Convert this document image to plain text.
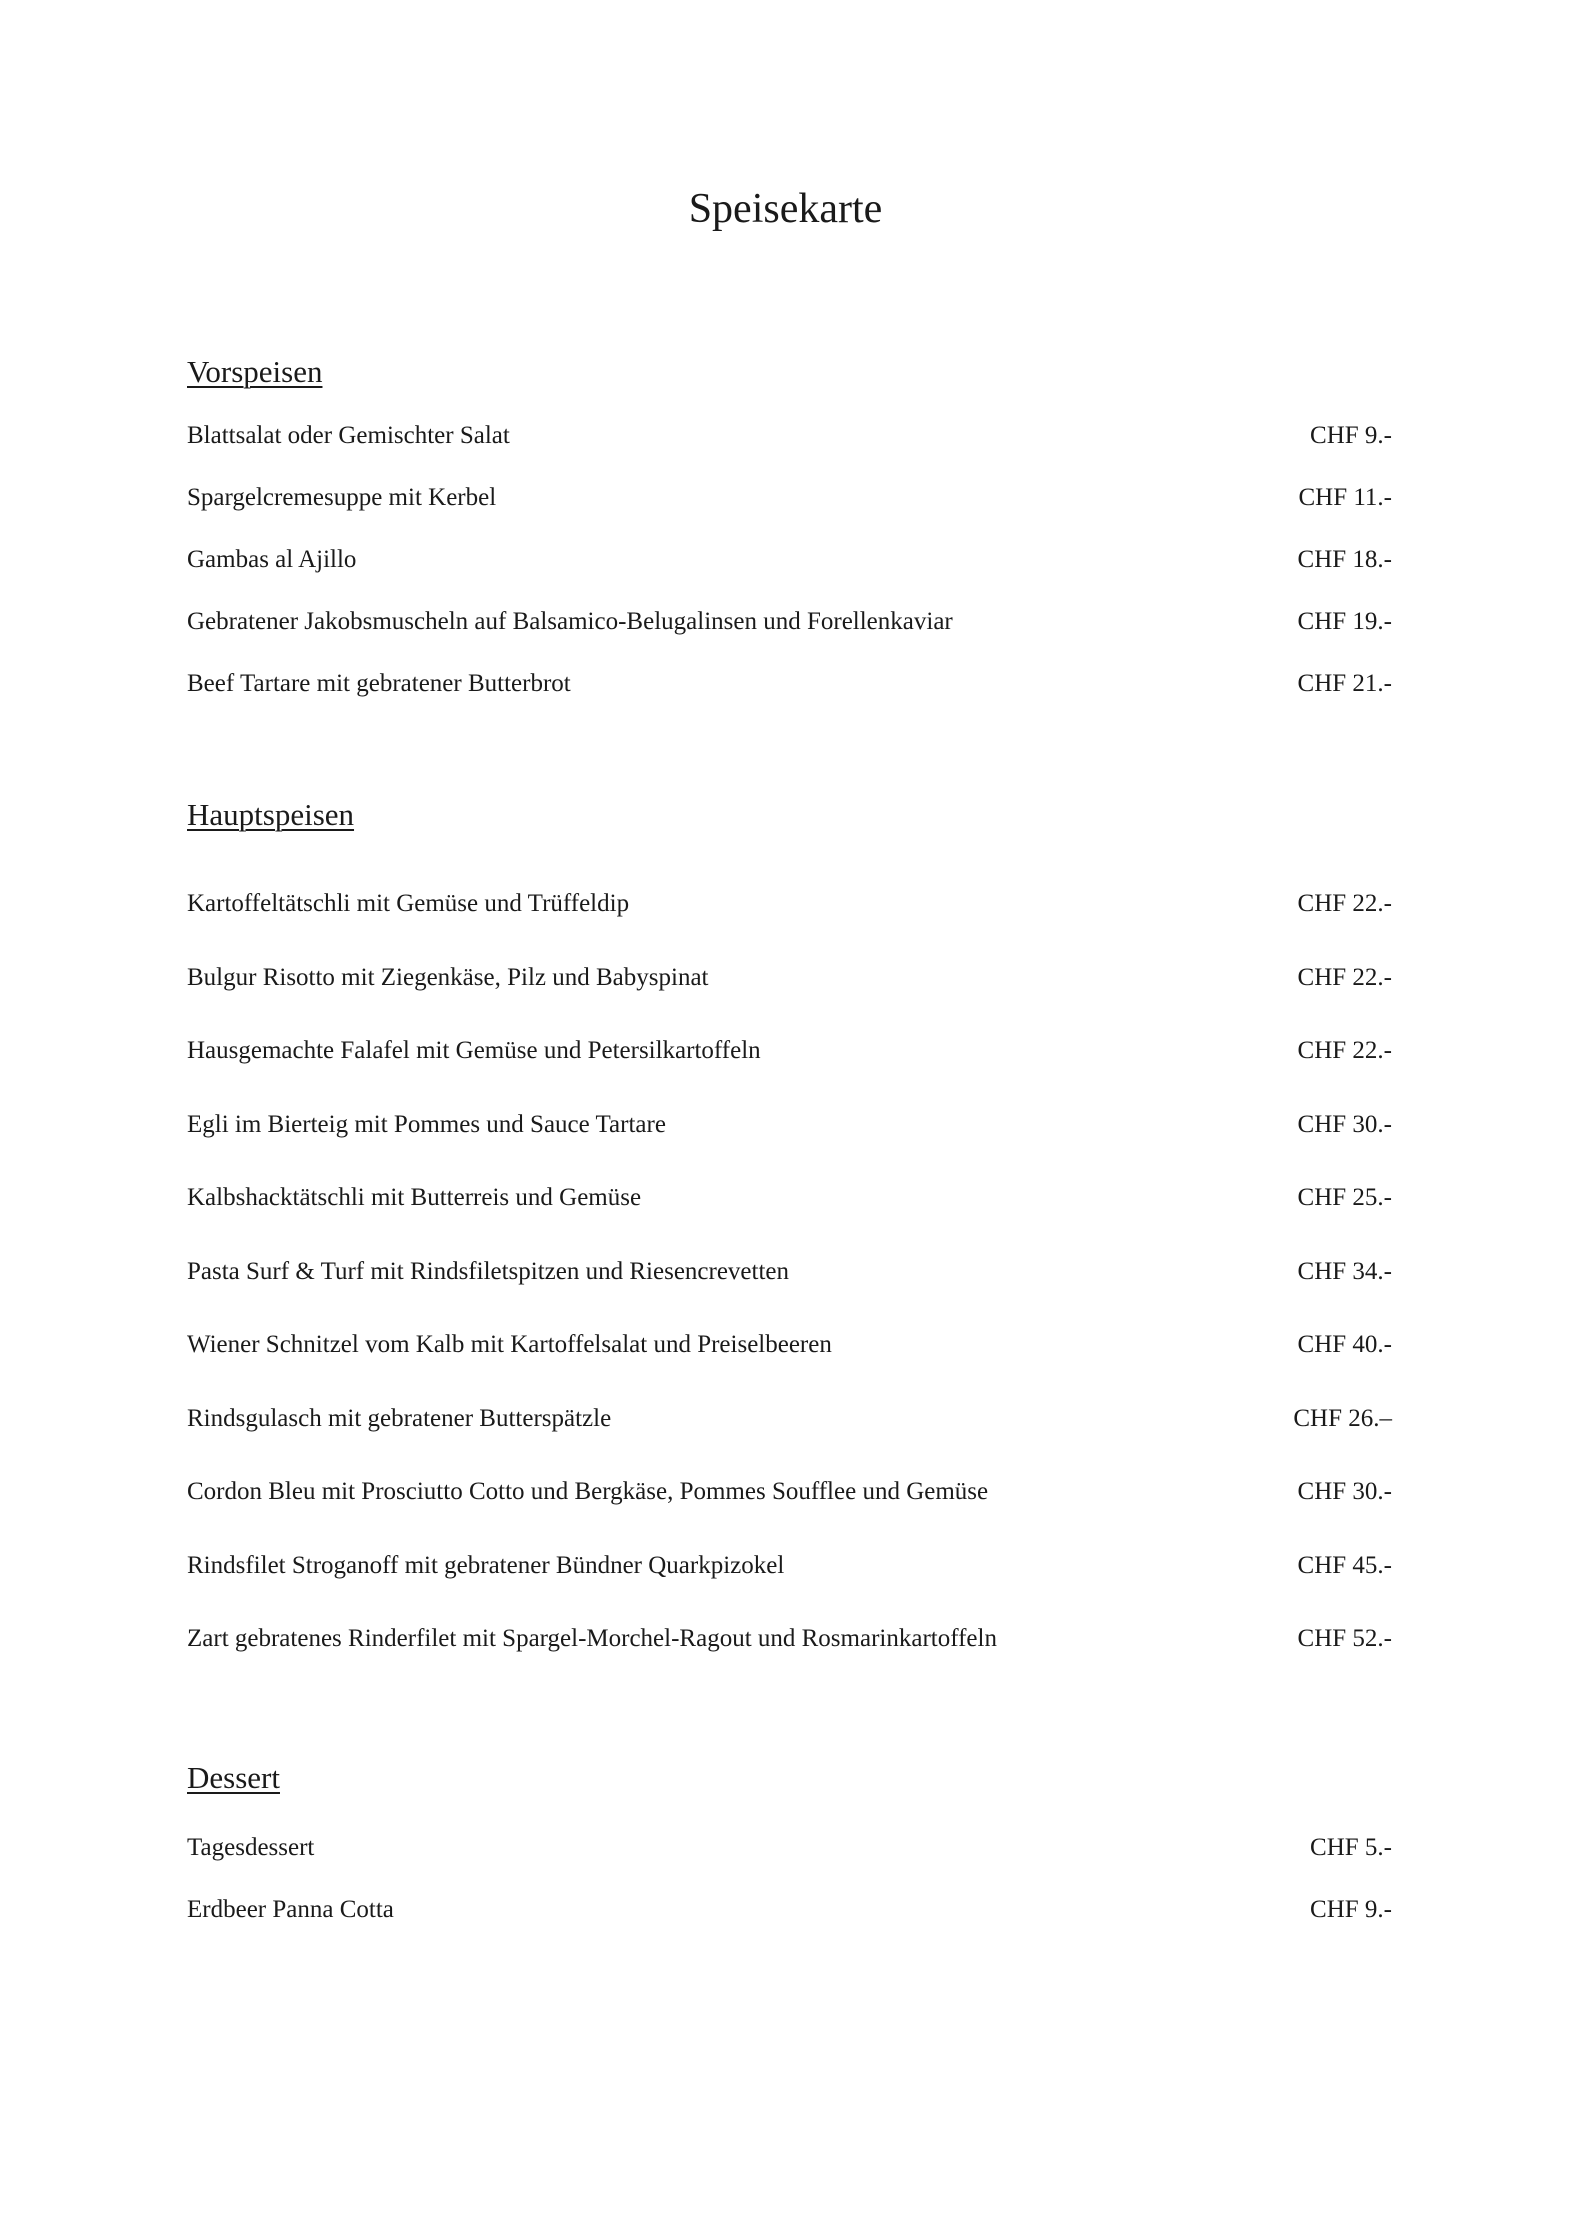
Speisekarte
Vorspeisen
Blattsalat oder Gemischter Salat	CHF 9.-
Spargelcremesuppe mit Kerbel	CHF 11.-
Gambas al Ajillo	CHF 18.-
Gebratener Jakobsmuscheln auf Balsamico-Belugalinsen und Forellenkaviar	CHF 19.-
Beef Tartare mit gebratener Butterbrot	CHF 21.-
Hauptspeisen
Kartoffeltätschli mit Gemüse und Trüffeldip	CHF 22.-
Bulgur Risotto mit Ziegenkäse, Pilz und Babyspinat	CHF 22.-
Hausgemachte Falafel mit Gemüse und Petersilkartoffeln	CHF 22.-
Egli im Bierteig mit Pommes und Sauce Tartare	CHF 30.-
Kalbshacktätschli mit Butterreis und Gemüse	CHF 25.-
Pasta Surf & Turf mit Rindsfiletspitzen und Riesencrevetten	CHF 34.-
Wiener Schnitzel vom Kalb mit Kartoffelsalat und Preiselbeeren	CHF 40.-
Rindsgulasch mit gebratener Butterspätzle	CHF 26.–
Cordon Bleu mit Prosciutto Cotto und Bergkäse, Pommes Soufflee und Gemüse	CHF 30.-
Rindsfilet Stroganoff mit gebratener Bündner Quarkpizokel	CHF 45.-
Zart gebratenes Rinderfilet mit Spargel-Morchel-Ragout und Rosmarinkartoffeln	CHF 52.-
Dessert
Tagesdessert	CHF 5.-
Erdbeer Panna Cotta	CHF 9.-
